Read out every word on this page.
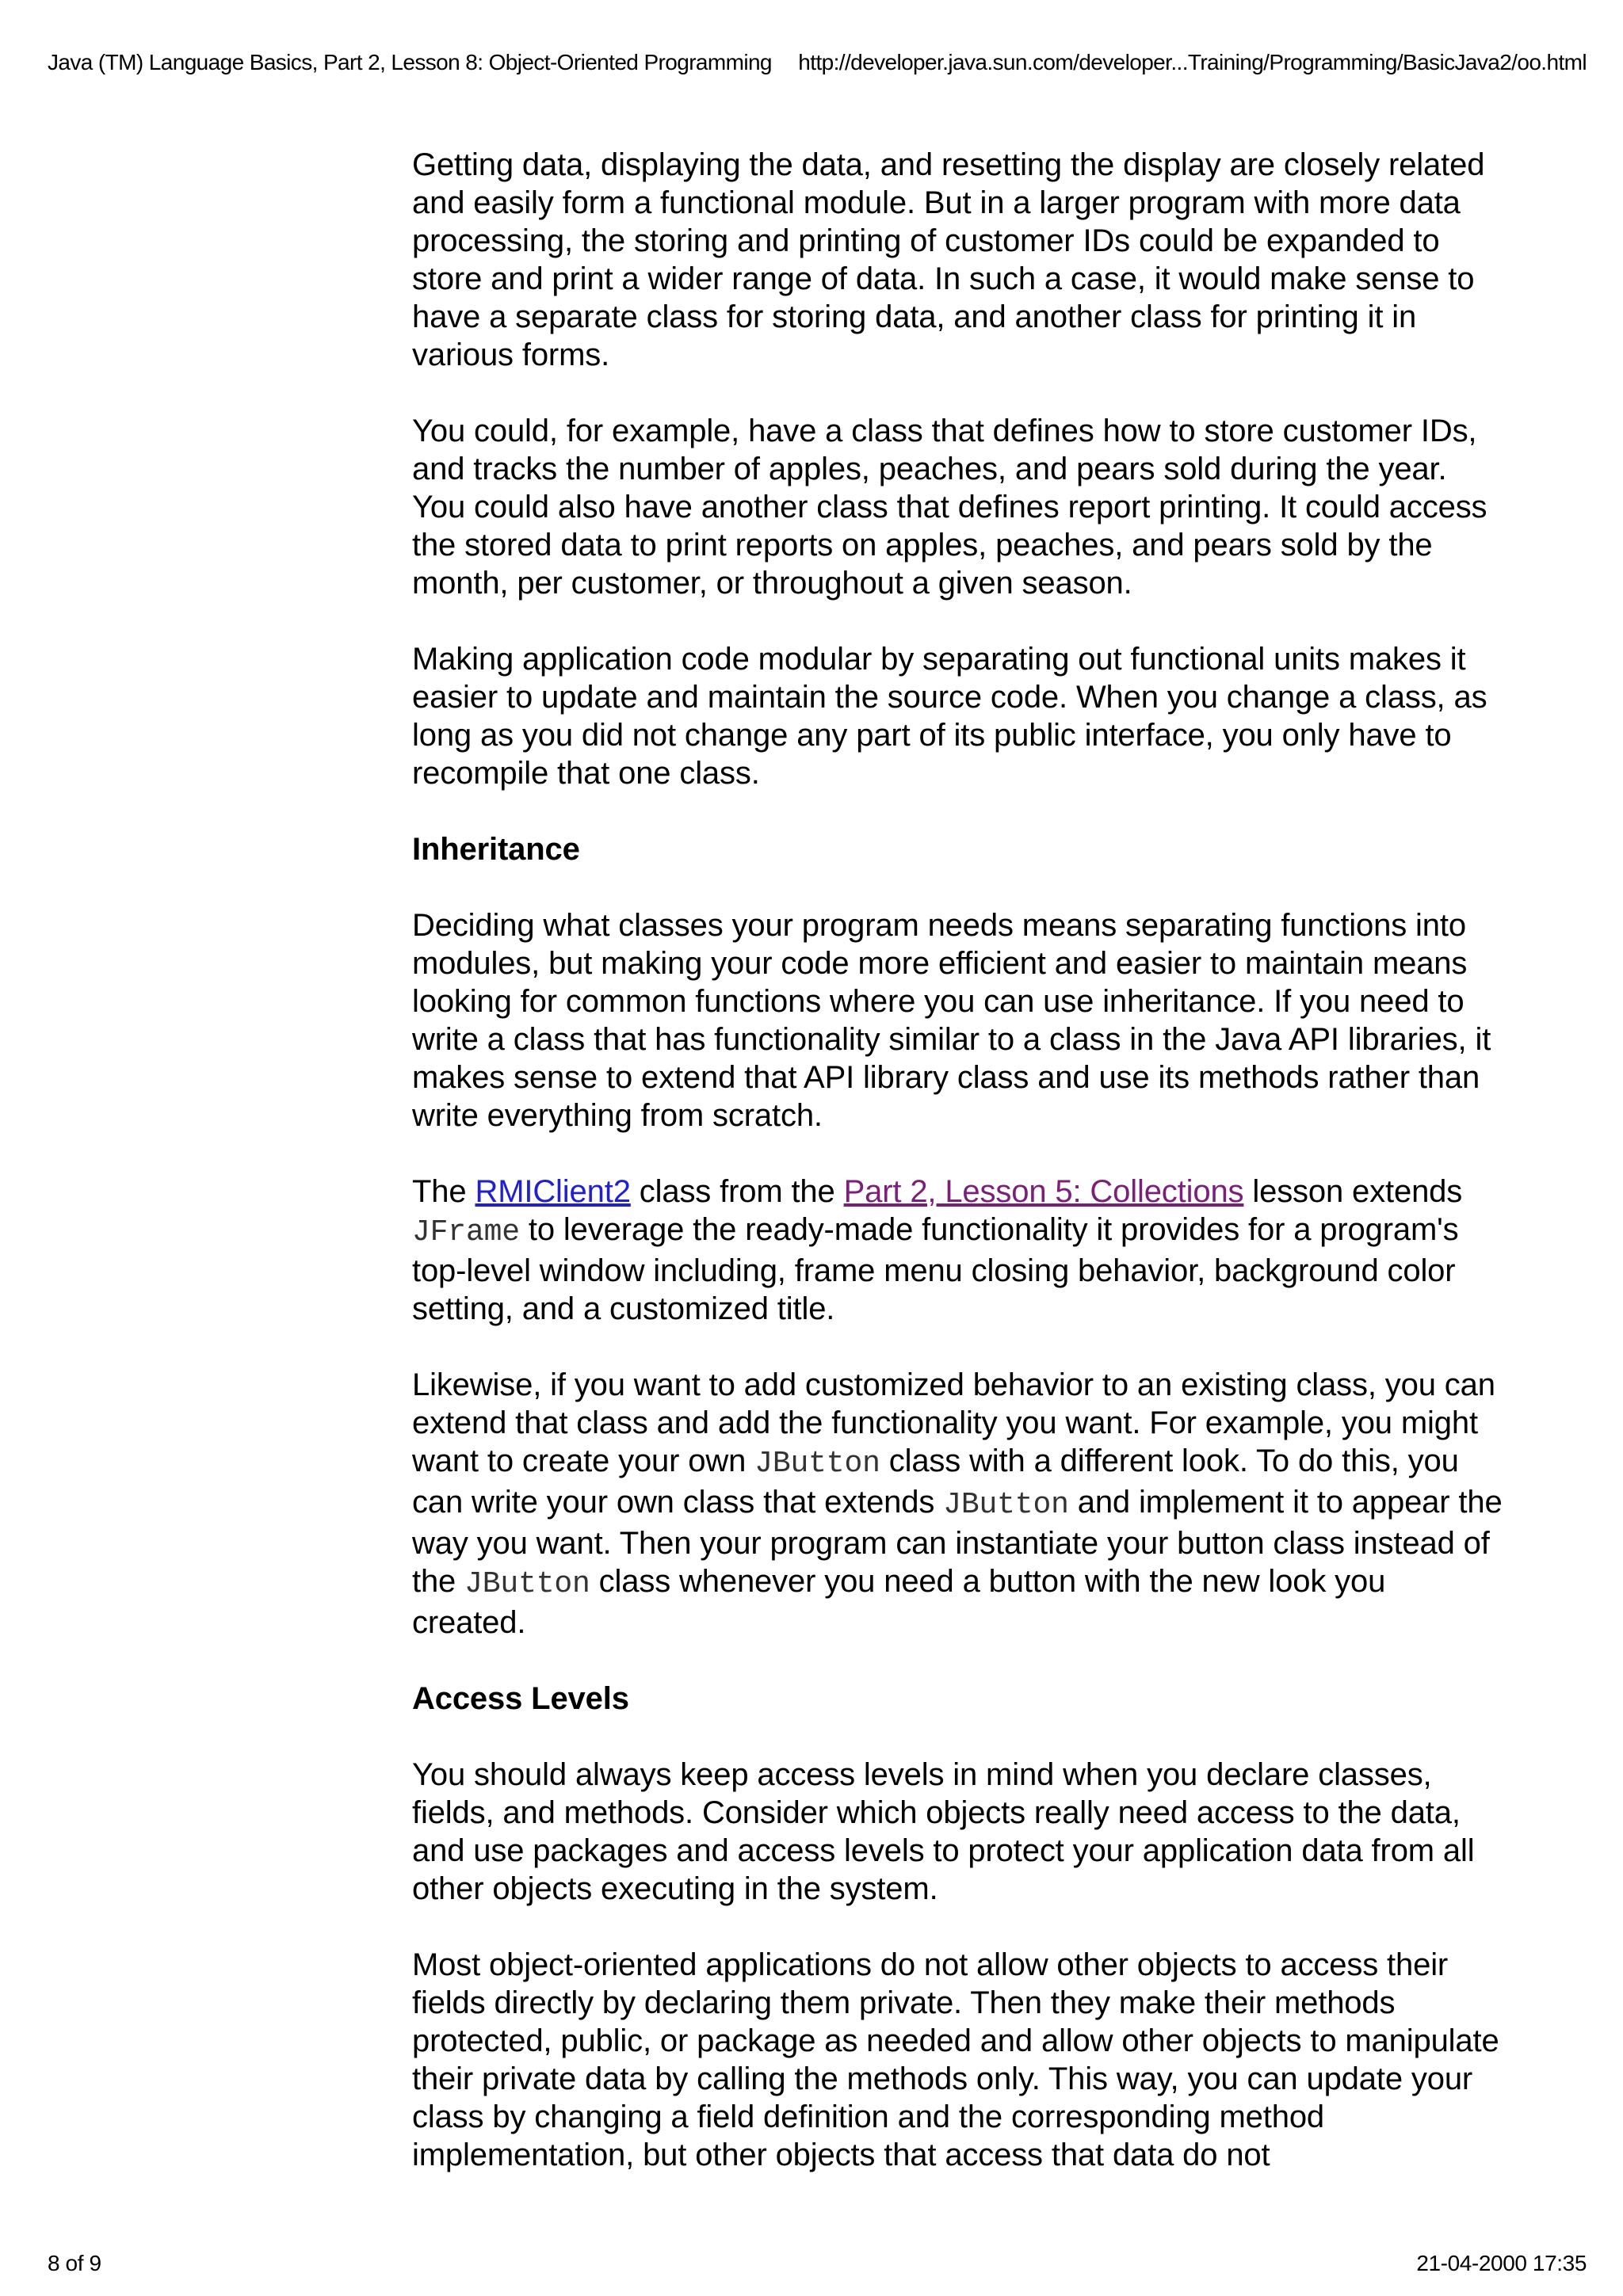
Java (TM) Language Basics, Part 2, Lesson 8: Object-Oriented Programming http://developer.java.sun.com/developer...Training/Programming/BasicJava2/oo.html

Getting data, displaying the data, and resetting the display are closely related and easily form a functional module. But in a larger program with more data processing, the storing and printing of customer IDs could be expanded to store and print a wider range of data. In such a case, it would make sense to have a separate class for storing data, and another class for printing it in various forms.

You could, for example, have a class that defines how to store customer IDs, and tracks the number of apples, peaches, and pears sold during the year. You could also have another class that defines report printing. It could access the stored data to print reports on apples, peaches, and pears sold by the month, per customer, or throughout a given season.

Making application code modular by separating out functional units makes it easier to update and maintain the source code. When you change a class, as long as you did not change any part of its public interface, you only have to recompile that one class.

Inheritance

Deciding what classes your program needs means separating functions into modules, but making your code more efficient and easier to maintain means looking for common functions where you can use inheritance. If you need to write a class that has functionality similar to a class in the Java API libraries, it makes sense to extend that API library class and use its methods rather than write everything from scratch.

The RMIClient2 class from the Part 2, Lesson 5: Collections lesson extends JFrame to leverage the ready-made functionality it provides for a program's top-level window including, frame menu closing behavior, background color setting, and a customized title.

Likewise, if you want to add customized behavior to an existing class, you can extend that class and add the functionality you want. For example, you might want to create your own JButton class with a different look. To do this, you can write your own class that extends JButton and implement it to appear the way you want. Then your program can instantiate your button class instead of the JButton class whenever you need a button with the new look you created.

Access Levels

You should always keep access levels in mind when you declare classes, fields, and methods. Consider which objects really need access to the data, and use packages and access levels to protect your application data from all other objects executing in the system.

Most object-oriented applications do not allow other objects to access their fields directly by declaring them private. Then they make their methods protected, public, or package as needed and allow other objects to manipulate their private data by calling the methods only. This way, you can update your class by changing a field definition and the corresponding method implementation, but other objects that access that data do not

8 of 9	21-04-2000 17:35
